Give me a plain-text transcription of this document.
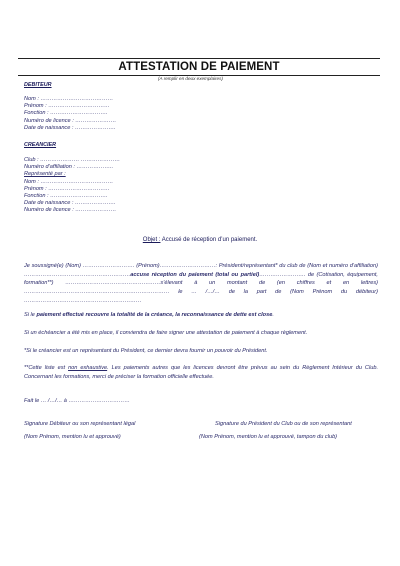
ATTESTATION DE PAIEMENT
(A remplir en deux exemplaires)
DEBITEUR
Nom : …………………………………
Prénom : ……………………………
Fonction : ………………………….
Numéro de licence : ………………….
Date de naissance : ………………….
CREANCIER
Club : ………………… …………………
Numéro d’affiliation : ………………..
Représenté par :
Nom : …………………………………
Prénom : ……………………………
Fonction : ………………………….
Date de naissance : ………………….
Numéro de licence : ………………….
Objet : Accusé de réception d’un paiement.
Je soussigné(e) (Nom) ………………………. (Prénom)…………………………: Président/représentant* du club de (Nom et numéro d’affiliation) …………………………………………………accuse réception du paiement (total ou partiel)……………………. de (Cotisation, équipement, formation**) ……………………………………………s’élevant à un montant de (en chiffres et en lettres) …………………………………………………………………… le … /…/… de la part de (Nom Prénom du débiteur) ………………………………………………………
Si le paiement effectué recouvre la totalité de la créance, la reconnaissance de dette est close.
Si un échéancier a été mis en place, il conviendra de faire signer une attestation de paiement à chaque règlement.
*Si le créancier est un représentant du Président, ce dernier devra fournir un pouvoir du Président.
**Cette liste est non exhaustive. Les paiements autres que les licences devront être prévus au sein du Règlement Intérieur du Club. Concernant les formations, merci de préciser la formation officielle effectuée.
Fait le … /…/… à ……………………………
Signature Débiteur ou son représentant légal	Signature du Président du Club ou de son représentant
(Nom Prénom, mention lu et approuvé)	(Nom Prénom, mention lu et approuvé, tampon du club)
